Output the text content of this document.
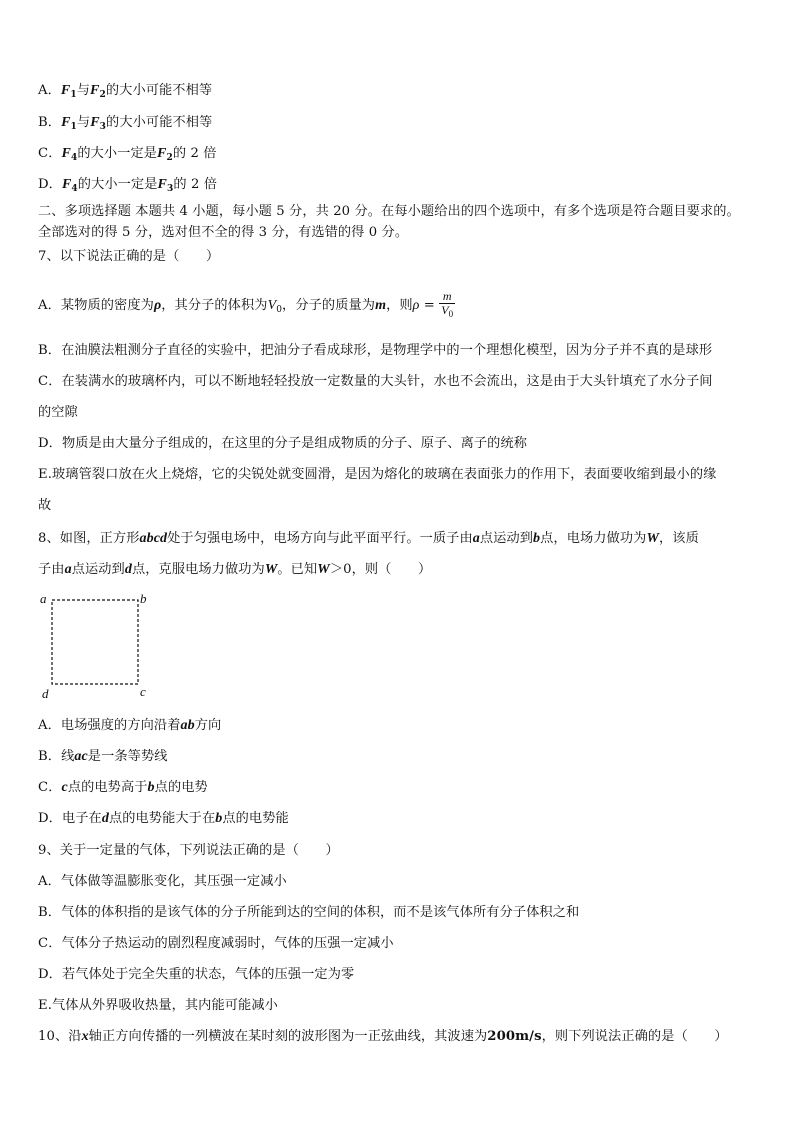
A．$F_1$与$F_2$的大小可能不相等
B．$F_1$与$F_3$的大小可能不相等
C．$F_4$的大小一定是$F_2$的 2 倍
D．$F_4$的大小一定是$F_3$的 2 倍
二、多项选择题 本题共 4 小题，每小题 5 分，共 20 分。在每小题给出的四个选项中，有多个选项是符合题目要求的。
全部选对的得 5 分，选对但不全的得 3 分，有选错的得 0 分。
7、以下说法正确的是（　　）
A．某物质的密度为ρ，其分子的体积为$V_0$，分子的质量为m，则$\rho = \frac{m}{V_0}$
B．在油膜法粗测分子直径的实验中，把油分子看成球形，是物理学中的一个理想化模型，因为分子并不真的是球形
C．在装满水的玻璃杯内，可以不断地轻轻投放一定数量的大头针，水也不会流出，这是由于大头针填充了水分子间
的空隙
D．物质是由大量分子组成的，在这里的分子是组成物质的分子、原子、离子的统称
E.玻璃管裂口放在火上烧熔，它的尖锐处就变圆滑，是因为熔化的玻璃在表面张力的作用下，表面要收缩到最小的缘
故
8、如图，正方形abcd处于匀强电场中，电场方向与此平面平行。一质子由a点运动到b点，电场力做功为W，该质
子由a点运动到d点，克服电场力做功为W。已知W＞0，则（　　）
a	b
c
d
A．电场强度的方向沿着ab方向
B．线ac是一条等势线
C．c点的电势高于b点的电势
D．电子在d点的电势能大于在b点的电势能
9、关于一定量的气体，下列说法正确的是（　　）
A．气体做等温膨胀变化，其压强一定减小
B．气体的体积指的是该气体的分子所能到达的空间的体积，而不是该气体所有分子体积之和
C．气体分子热运动的剧烈程度减弱时，气体的压强一定减小
D．若气体处于完全失重的状态，气体的压强一定为零
E.气体从外界吸收热量，其内能可能减小
10、沿x轴正方向传播的一列横波在某时刻的波形图为一正弦曲线，其波速为200m/s，则下列说法正确的是（　　）
